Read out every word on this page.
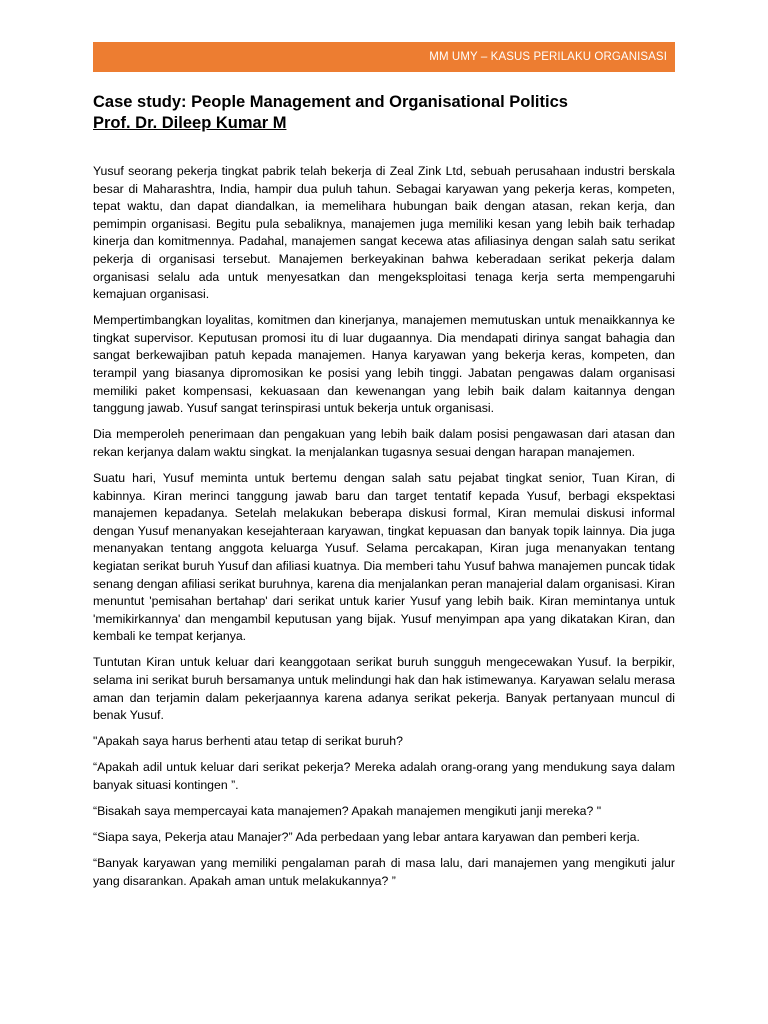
MM UMY – KASUS PERILAKU ORGANISASI
Case study: People Management and Organisational Politics
Prof. Dr. Dileep Kumar M

Yusuf seorang pekerja tingkat pabrik telah bekerja di Zeal Zink Ltd, sebuah perusahaan industri berskala besar di Maharashtra, India, hampir dua puluh tahun. Sebagai karyawan yang pekerja keras, kompeten, tepat waktu, dan dapat diandalkan, ia memelihara hubungan baik dengan atasan, rekan kerja, dan pemimpin organisasi. Begitu pula sebaliknya, manajemen juga memiliki kesan yang lebih baik terhadap kinerja dan komitmennya. Padahal, manajemen sangat kecewa atas afiliasinya dengan salah satu serikat pekerja di organisasi tersebut. Manajemen berkeyakinan bahwa keberadaan serikat pekerja dalam organisasi selalu ada untuk menyesatkan dan mengeksploitasi tenaga kerja serta mempengaruhi kemajuan organisasi.

Mempertimbangkan loyalitas, komitmen dan kinerjanya, manajemen memutuskan untuk menaikkannya ke tingkat supervisor. Keputusan promosi itu di luar dugaannya. Dia mendapati dirinya sangat bahagia dan sangat berkewajiban patuh kepada manajemen. Hanya karyawan yang bekerja keras, kompeten, dan terampil yang biasanya dipromosikan ke posisi yang lebih tinggi. Jabatan pengawas dalam organisasi memiliki paket kompensasi, kekuasaan dan kewenangan yang lebih baik dalam kaitannya dengan tanggung jawab. Yusuf sangat terinspirasi untuk bekerja untuk organisasi.

Dia memperoleh penerimaan dan pengakuan yang lebih baik dalam posisi pengawasan dari atasan dan rekan kerjanya dalam waktu singkat. Ia menjalankan tugasnya sesuai dengan harapan manajemen.

Suatu hari, Yusuf meminta untuk bertemu dengan salah satu pejabat tingkat senior, Tuan Kiran, di kabinnya. Kiran merinci tanggung jawab baru dan target tentatif kepada Yusuf, berbagi ekspektasi manajemen kepadanya. Setelah melakukan beberapa diskusi formal, Kiran memulai diskusi informal dengan Yusuf menanyakan kesejahteraan karyawan, tingkat kepuasan dan banyak topik lainnya. Dia juga menanyakan tentang anggota keluarga Yusuf. Selama percakapan, Kiran juga menanyakan tentang kegiatan serikat buruh Yusuf dan afiliasi kuatnya. Dia memberi tahu Yusuf bahwa manajemen puncak tidak senang dengan afiliasi serikat buruhnya, karena dia menjalankan peran manajerial dalam organisasi. Kiran menuntut 'pemisahan bertahap' dari serikat untuk karier Yusuf yang lebih baik. Kiran memintanya untuk 'memikirkannya' dan mengambil keputusan yang bijak. Yusuf menyimpan apa yang dikatakan Kiran, dan kembali ke tempat kerjanya.

Tuntutan Kiran untuk keluar dari keanggotaan serikat buruh sungguh mengecewakan Yusuf. Ia berpikir, selama ini serikat buruh bersamanya untuk melindungi hak dan hak istimewanya. Karyawan selalu merasa aman dan terjamin dalam pekerjaannya karena adanya serikat pekerja. Banyak pertanyaan muncul di benak Yusuf.

"Apakah saya harus berhenti atau tetap di serikat buruh?

“Apakah adil untuk keluar dari serikat pekerja? Mereka adalah orang-orang yang mendukung saya dalam banyak situasi kontingen ”.

“Bisakah saya mempercayai kata manajemen? Apakah manajemen mengikuti janji mereka? "

“Siapa saya, Pekerja atau Manajer?” Ada perbedaan yang lebar antara karyawan dan pemberi kerja.

“Banyak karyawan yang memiliki pengalaman parah di masa lalu, dari manajemen yang mengikuti jalur yang disarankan. Apakah aman untuk melakukannya? ”
